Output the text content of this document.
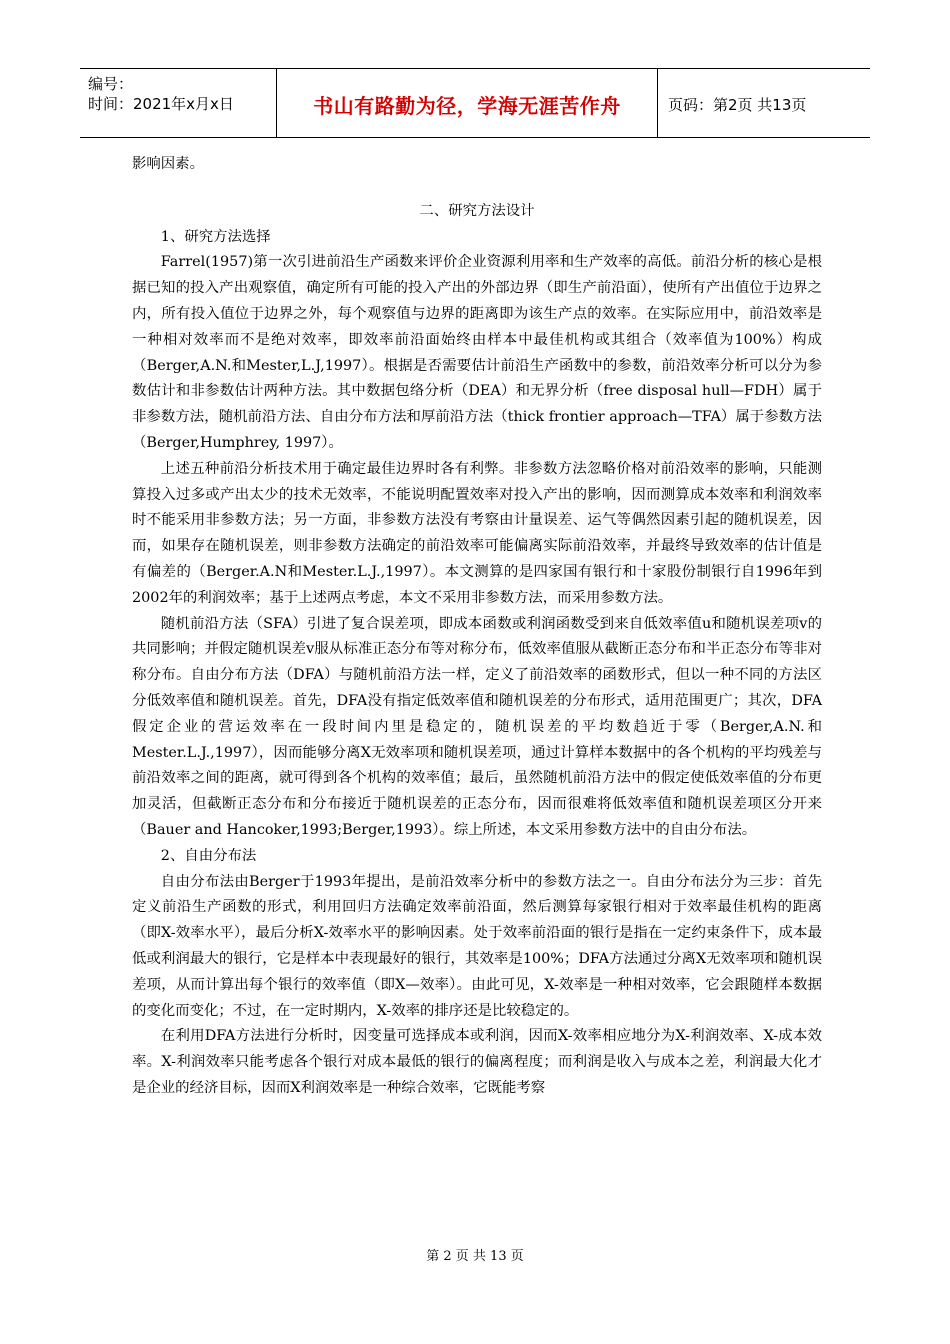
编号：
时间：2021年x月x日	书山有路勤为径，学海无涯苦作舟	页码：第2页 共13页

影响因素。

二、研究方法设计

1、研究方法选择

Farrel(1957)第一次引进前沿生产函数来评价企业资源利用率和生产效率的高低。前沿分析的核心是根据已知的投入产出观察值，确定所有可能的投入产出的外部边界（即生产前沿面），使所有产出值位于边界之内，所有投入值位于边界之外，每个观察值与边界的距离即为该生产点的效率。在实际应用中，前沿效率是一种相对效率而不是绝对效率，即效率前沿面始终由样本中最佳机构或其组合（效率值为100%）构成（Berger,A.N.和Mester,L.J,1997）。根据是否需要估计前沿生产函数中的参数，前沿效率分析可以分为参数估计和非参数估计两种方法。其中数据包络分析（DEA）和无界分析（free disposal hull—FDH）属于非参数方法，随机前沿方法、自由分布方法和厚前沿方法（thick frontier approach—TFA）属于参数方法（Berger,Humphrey, 1997）。

上述五种前沿分析技术用于确定最佳边界时各有利弊。非参数方法忽略价格对前沿效率的影响，只能测算投入过多或产出太少的技术无效率，不能说明配置效率对投入产出的影响，因而测算成本效率和利润效率时不能采用非参数方法；另一方面，非参数方法没有考察由计量误差、运气等偶然因素引起的随机误差，因而，如果存在随机误差，则非参数方法确定的前沿效率可能偏离实际前沿效率，并最终导致效率的估计值是有偏差的（Berger.A.N和Mester.L.J.,1997）。本文测算的是四家国有银行和十家股份制银行自1996年到2002年的利润效率；基于上述两点考虑，本文不采用非参数方法，而采用参数方法。

随机前沿方法（SFA）引进了复合误差项，即成本函数或利润函数受到来自低效率值u和随机误差项v的共同影响；并假定随机误差v服从标准正态分布等对称分布，低效率值服从截断正态分布和半正态分布等非对称分布。自由分布方法（DFA）与随机前沿方法一样，定义了前沿效率的函数形式，但以一种不同的方法区分低效率值和随机误差。首先，DFA没有指定低效率值和随机误差的分布形式，适用范围更广；其次，DFA假定企业的营运效率在一段时间内里是稳定的，随机误差的平均数趋近于零（Berger,A.N.和Mester.L.J.,1997），因而能够分离X无效率项和随机误差项，通过计算样本数据中的各个机构的平均残差与前沿效率之间的距离，就可得到各个机构的效率值；最后，虽然随机前沿方法中的假定使低效率值的分布更加灵活，但截断正态分布和分布接近于随机误差的正态分布，因而很难将低效率值和随机误差项区分开来（Bauer and Hancoker,1993;Berger,1993）。综上所述，本文采用参数方法中的自由分布法。

2、自由分布法

自由分布法由Berger于1993年提出，是前沿效率分析中的参数方法之一。自由分布法分为三步：首先定义前沿生产函数的形式，利用回归方法确定效率前沿面，然后测算每家银行相对于效率最佳机构的距离（即X-效率水平），最后分析X-效率水平的影响因素。处于效率前沿面的银行是指在一定约束条件下，成本最低或利润最大的银行，它是样本中表现最好的银行，其效率是100%；DFA方法通过分离X无效率项和随机误差项，从而计算出每个银行的效率值（即X—效率）。由此可见，X-效率是一种相对效率，它会跟随样本数据的变化而变化；不过，在一定时期内，X-效率的排序还是比较稳定的。

在利用DFA方法进行分析时，因变量可选择成本或利润，因而X-效率相应地分为X-利润效率、X-成本效率。X-利润效率只能考虑各个银行对成本最低的银行的偏离程度；而利润是收入与成本之差，利润最大化才是企业的经济目标，因而X利润效率是一种综合效率，它既能考察

第 2 页 共 13 页
